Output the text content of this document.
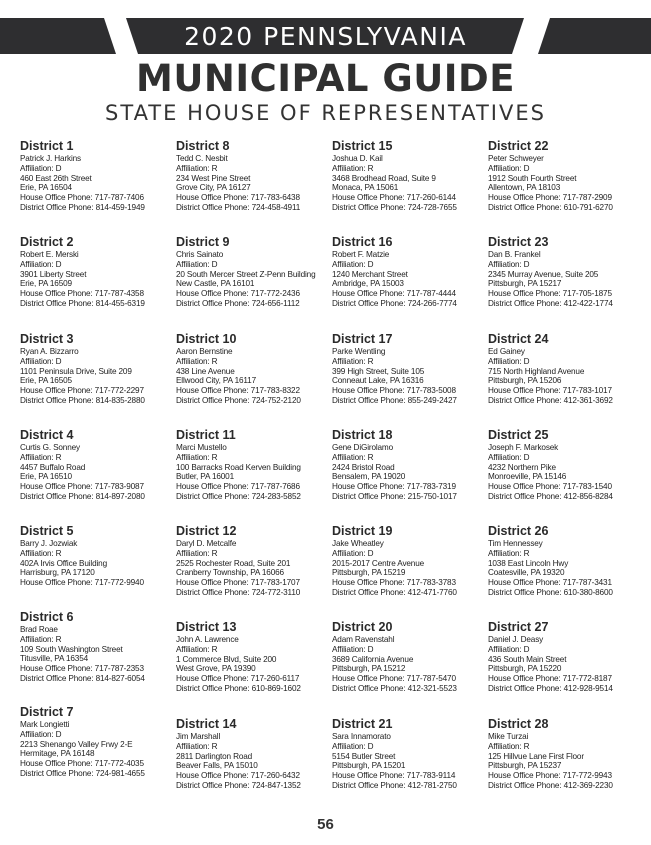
2020 PENNSLYVANIA
MUNICIPAL GUIDE
STATE HOUSE OF REPRESENTATIVES
District 1
Patrick J. Harkins
Affiliation: D
460 East 26th Street
Erie, PA 16504
House Office Phone: 717-787-7406
District Office Phone: 814-459-1949
District 2
Robert E. Merski
Affiliation: D
3901 Liberty Street
Erie, PA 16509
House Office Phone: 717-787-4358
District Office Phone: 814-455-6319
District 3
Ryan A. Bizzarro
Affiliation: D
1101 Peninsula Drive, Suite 209
Erie, PA 16505
House Office Phone: 717-772-2297
District Office Phone: 814-835-2880
District 4
Curtis G. Sonney
Affiliation: R
4457 Buffalo Road
Erie, PA 16510
House Office Phone: 717-783-9087
District Office Phone: 814-897-2080
District 5
Barry J. Jozwiak
Affiliation: R
402A Irvis Office Building
Harrisburg, PA 17120
House Office Phone: 717-772-9940
District 6
Brad Roae
Affiliation: R
109 South Washington Street
Titusville, PA 16354
House Office Phone: 717-787-2353
District Office Phone: 814-827-6054
District 7
Mark Longietti
Affiliation: D
2213 Shenango Valley Frwy 2-E
Hermitage, PA 16148
House Office Phone: 717-772-4035
District Office Phone: 724-981-4655
District 8
Tedd C. Nesbit
Affiliation: R
234 West Pine Street
Grove City, PA 16127
House Office Phone: 717-783-6438
District Office Phone: 724-458-4911
District 9
Chris Sainato
Affiliation: D
20 South Mercer Street Z-Penn Building
New Castle, PA 16101
House Office Phone: 717-772-2436
District Office Phone: 724-656-1112
District 10
Aaron Bernstine
Affiliation: R
438 Line Avenue
Ellwood City, PA 16117
House Office Phone: 717-783-8322
District Office Phone: 724-752-2120
District 11
Marci Mustello
Affiliation: R
100 Barracks Road Kerven Building
Butler, PA 16001
House Office Phone: 717-787-7686
District Office Phone: 724-283-5852
District 12
Daryl D. Metcalfe
Affiliation: R
2525 Rochester Road, Suite 201
Cranberry Township, PA 16066
House Office Phone: 717-783-1707
District Office Phone: 724-772-3110
District 13
John A. Lawrence
Affiliation: R
1 Commerce Blvd, Suite 200
West Grove, PA 19390
House Office Phone: 717-260-6117
District Office Phone: 610-869-1602
District 14
Jim Marshall
Affiliation: R
2811 Darlington Road
Beaver Falls, PA 15010
House Office Phone: 717-260-6432
District Office Phone: 724-847-1352
District 15
Joshua D. Kail
Affiliation: R
3468 Brodhead Road, Suite 9
Monaca, PA 15061
House Office Phone: 717-260-6144
District Office Phone: 724-728-7655
District 16
Robert F. Matzie
Affiliation: D
1240 Merchant Street
Ambridge, PA 15003
House Office Phone: 717-787-4444
District Office Phone: 724-266-7774
District 17
Parke Wentling
Affiliation: R
399 High Street, Suite 105
Conneaut Lake, PA 16316
House Office Phone: 717-783-5008
District Office Phone: 855-249-2427
District 18
Gene DiGirolamo
Affiliation: R
2424 Bristol Road
Bensalem, PA 19020
House Office Phone: 717-783-7319
District Office Phone: 215-750-1017
District 19
Jake Wheatley
Affiliation: D
2015-2017 Centre Avenue
Pittsburgh, PA 15219
House Office Phone: 717-783-3783
District Office Phone: 412-471-7760
District 20
Adam Ravenstahl
Affiliation: D
3689 California Avenue
Pittsburgh, PA 15212
House Office Phone: 717-787-5470
District Office Phone: 412-321-5523
District 21
Sara Innamorato
Affiliation: D
5154 Butler Street
Pittsburgh, PA 15201
House Office Phone: 717-783-9114
District Office Phone: 412-781-2750
District 22
Peter Schweyer
Affiliation: D
1912 South Fourth Street
Allentown, PA 18103
House Office Phone: 717-787-2909
District Office Phone: 610-791-6270
District 23
Dan B. Frankel
Affiliation: D
2345 Murray Avenue, Suite 205
Pittsburgh, PA 15217
House Office Phone: 717-705-1875
District Office Phone: 412-422-1774
District 24
Ed Gainey
Affiliation: D
715 North Highland Avenue
Pittsburgh, PA 15206
House Office Phone: 717-783-1017
District Office Phone: 412-361-3692
District 25
Joseph F. Markosek
Affiliation: D
4232 Northern Pike
Monroeville, PA 15146
House Office Phone: 717-783-1540
District Office Phone: 412-856-8284
District 26
Tim Hennessey
Affiliation: R
1038 East Lincoln Hwy
Coatesville, PA 19320
House Office Phone: 717-787-3431
District Office Phone: 610-380-8600
District 27
Daniel J. Deasy
Affiliation: D
436 South Main Street
Pittsburgh, PA 15220
House Office Phone: 717-772-8187
District Office Phone: 412-928-9514
District 28
Mike Turzai
Affiliation: R
125 Hillvue Lane First Floor
Pittsburgh, PA 15237
House Office Phone: 717-772-9943
District Office Phone: 412-369-2230
56
